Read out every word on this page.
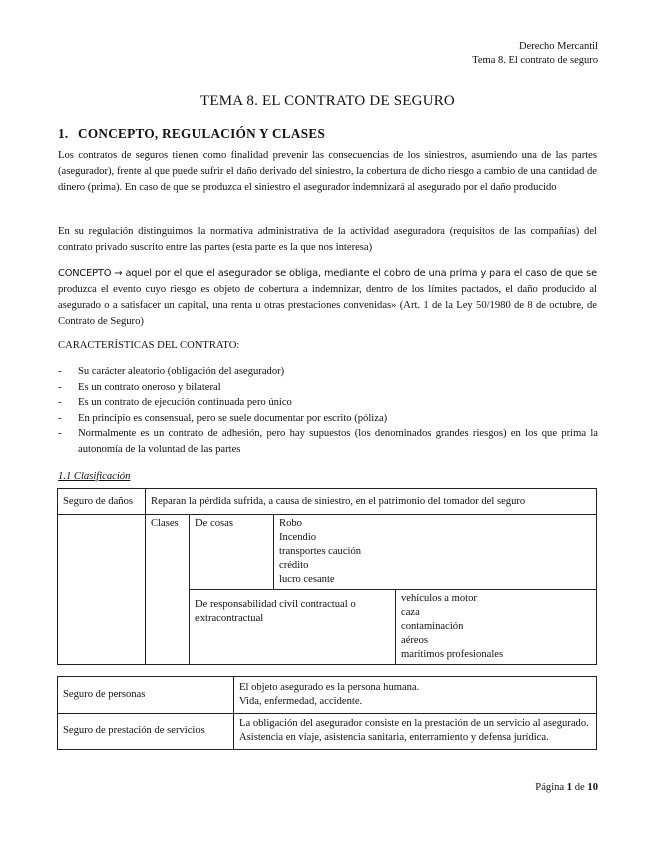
Derecho Mercantil
Tema 8. El contrato de seguro
TEMA 8. EL CONTRATO DE SEGURO
1. CONCEPTO, REGULACIÓN Y CLASES

Los contratos de seguros tienen como finalidad prevenir las consecuencias de los siniestros, asumiendo una de las partes (asegurador), frente al que puede sufrir el daño derivado del siniestro, la cobertura de dicho riesgo a cambio de una cantidad de dinero (prima). En caso de que se produzca el siniestro el asegurador indemnizará al asegurado por el daño producido

En su regulación distinguimos la normativa administrativa de la actividad aseguradora (requisitos de las compañías) del contrato privado suscrito entre las partes (esta parte es la que nos interesa)

CONCEPTO → aquel por el que el asegurador se obliga, mediante el cobro de una prima y para el caso de que se produzca el evento cuyo riesgo es objeto de cobertura a indemnizar, dentro de los límites pactados, el daño producido al asegurado o a satisfacer un capital, una renta u otras prestaciones convenidas» (Art. 1 de la Ley 50/1980 de 8 de octubre, de Contrato de Seguro)

CARACTERÍSTICAS DEL CONTRATO:

- Su carácter aleatorio (obligación del asegurador)
- Es un contrato oneroso y bilateral
- Es un contrato de ejecución continuada pero único
- En principio es consensual, pero se suele documentar por escrito (póliza)
- Normalmente es un contrato de adhesión, pero hay supuestos (los denominados grandes riesgos) en los que prima la autonomía de la voluntad de las partes

1.1 Clasificación

Seguro de daños	Reparan la pérdida sufrida, a causa de siniestro, en el patrimonio del tomador del seguro			
	Clases	De cosas	Robo
Incendio
transportes caución
crédito
lucro cesante	

		De responsabilidad civil contractual o extracontractual		vehículos a motor
caza
contaminación
aéreos
marítimos profesionales
Seguro de personas	El objeto asegurado es la persona humana.
Vida, enfermedad, accidente.

Seguro de prestación de servicios	La obligación del asegurador consiste en la prestación de un servicio al asegurado.
Asistencia en viaje, asistencia sanitaria, enterramiento y defensa jurídica.
Página 1 de 10
